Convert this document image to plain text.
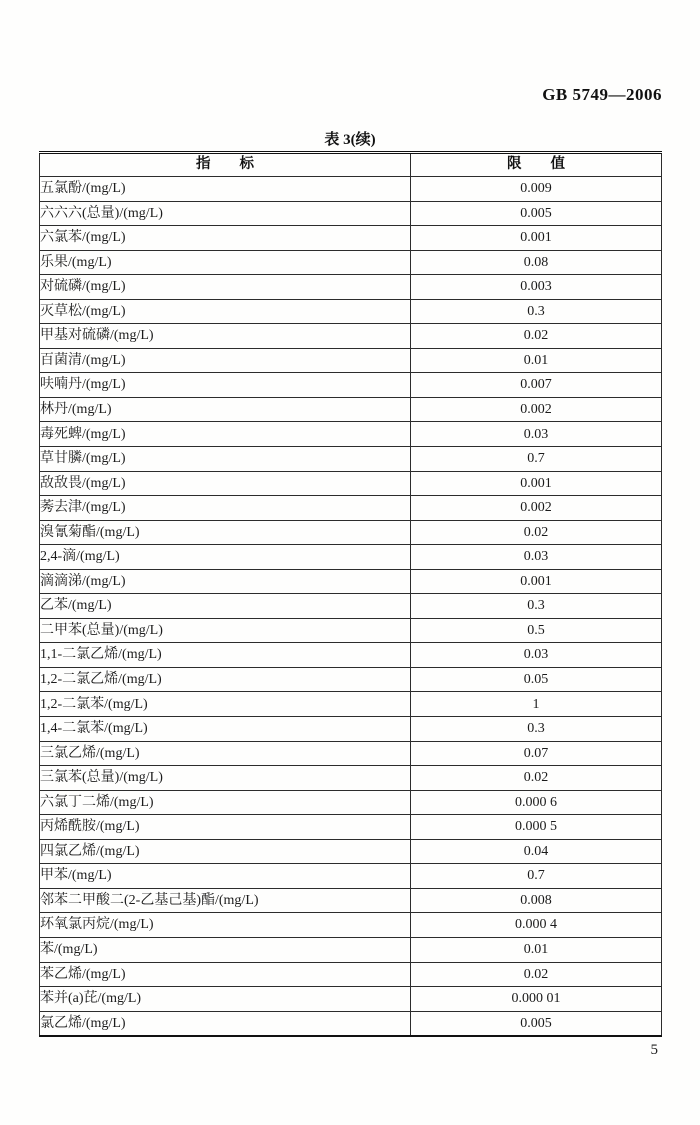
GB 5749—2006
表 3(续)
指　　标	限　　值
五氯酚/(mg/L)	0.009
六六六(总量)/(mg/L)	0.005
六氯苯/(mg/L)	0.001
乐果/(mg/L)	0.08
对硫磷/(mg/L)	0.003
灭草松/(mg/L)	0.3
甲基对硫磷/(mg/L)	0.02
百菌清/(mg/L)	0.01
呋喃丹/(mg/L)	0.007
林丹/(mg/L)	0.002
毒死蜱/(mg/L)	0.03
草甘膦/(mg/L)	0.7
敌敌畏/(mg/L)	0.001
莠去津/(mg/L)	0.002
溴氰菊酯/(mg/L)	0.02
2,4-滴/(mg/L)	0.03
滴滴涕/(mg/L)	0.001
乙苯/(mg/L)	0.3
二甲苯(总量)/(mg/L)	0.5
1,1-二氯乙烯/(mg/L)	0.03
1,2-二氯乙烯/(mg/L)	0.05
1,2-二氯苯/(mg/L)	1
1,4-二氯苯/(mg/L)	0.3
三氯乙烯/(mg/L)	0.07
三氯苯(总量)/(mg/L)	0.02
六氯丁二烯/(mg/L)	0.000 6
丙烯酰胺/(mg/L)	0.000 5
四氯乙烯/(mg/L)	0.04
甲苯/(mg/L)	0.7
邻苯二甲酸二(2-乙基己基)酯/(mg/L)	0.008
环氧氯丙烷/(mg/L)	0.000 4
苯/(mg/L)	0.01
苯乙烯/(mg/L)	0.02
苯并(a)芘/(mg/L)	0.000 01
氯乙烯/(mg/L)	0.005
5
